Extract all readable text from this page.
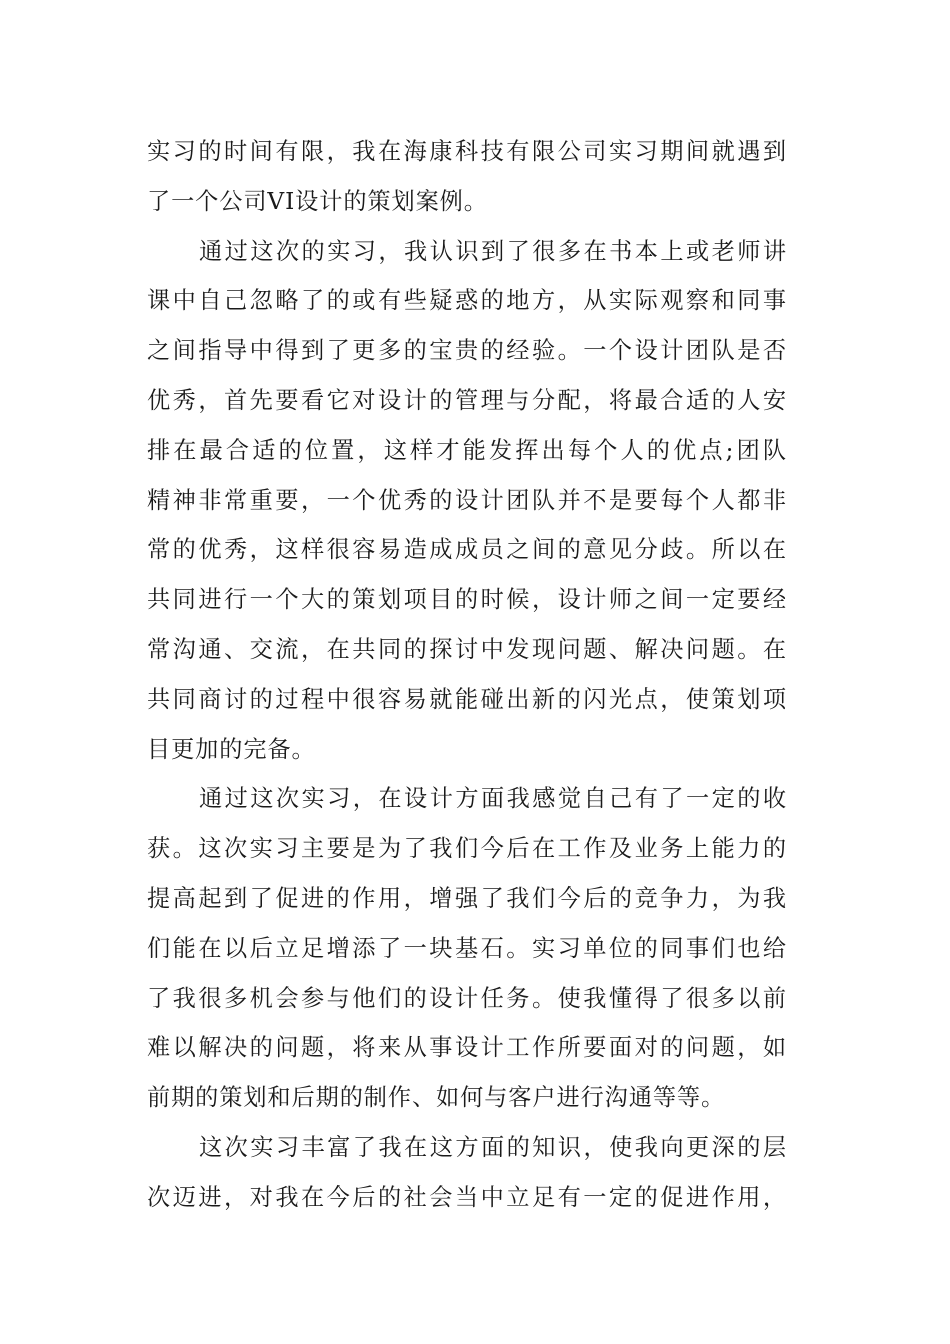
实习的时间有限，我在海康科技有限公司实习期间就遇到
了一个公司VI设计的策划案例。
通过这次的实习，我认识到了很多在书本上或老师讲
课中自己忽略了的或有些疑惑的地方，从实际观察和同事
之间指导中得到了更多的宝贵的经验。一个设计团队是否
优秀，首先要看它对设计的管理与分配，将最合适的人安
排在最合适的位置，这样才能发挥出每个人的优点;团队
精神非常重要，一个优秀的设计团队并不是要每个人都非
常的优秀，这样很容易造成成员之间的意见分歧。所以在
共同进行一个大的策划项目的时候，设计师之间一定要经
常沟通、交流，在共同的探讨中发现问题、解决问题。在
共同商讨的过程中很容易就能碰出新的闪光点，使策划项
目更加的完备。
通过这次实习，在设计方面我感觉自己有了一定的收
获。这次实习主要是为了我们今后在工作及业务上能力的
提高起到了促进的作用，增强了我们今后的竞争力，为我
们能在以后立足增添了一块基石。实习单位的同事们也给
了我很多机会参与他们的设计任务。使我懂得了很多以前
难以解决的问题，将来从事设计工作所要面对的问题，如
前期的策划和后期的制作、如何与客户进行沟通等等。
这次实习丰富了我在这方面的知识，使我向更深的层
次迈进，对我在今后的社会当中立足有一定的促进作用，
